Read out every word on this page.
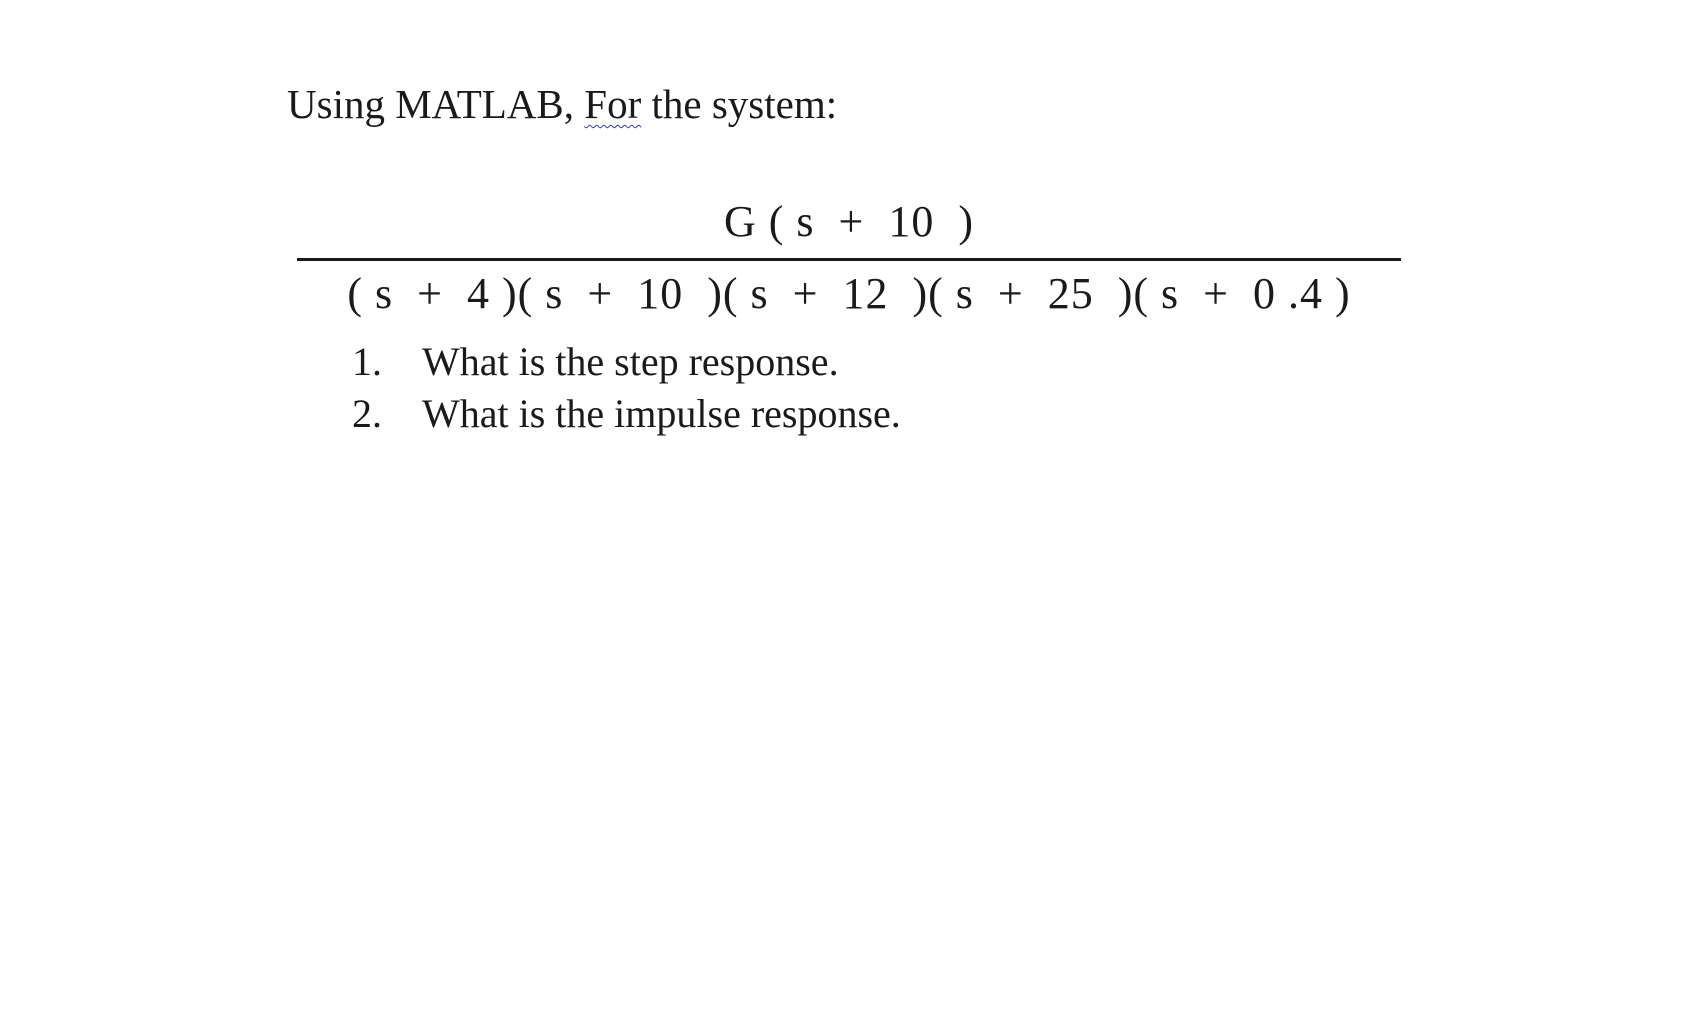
Using MATLAB, For the system:
G ( s  +  10  )
( s  +  4 )( s  +  10  )( s  +  12  )( s  +  25  )( s  +  0 .4 )
1.	What is the step response.
2.	What is the impulse response.
